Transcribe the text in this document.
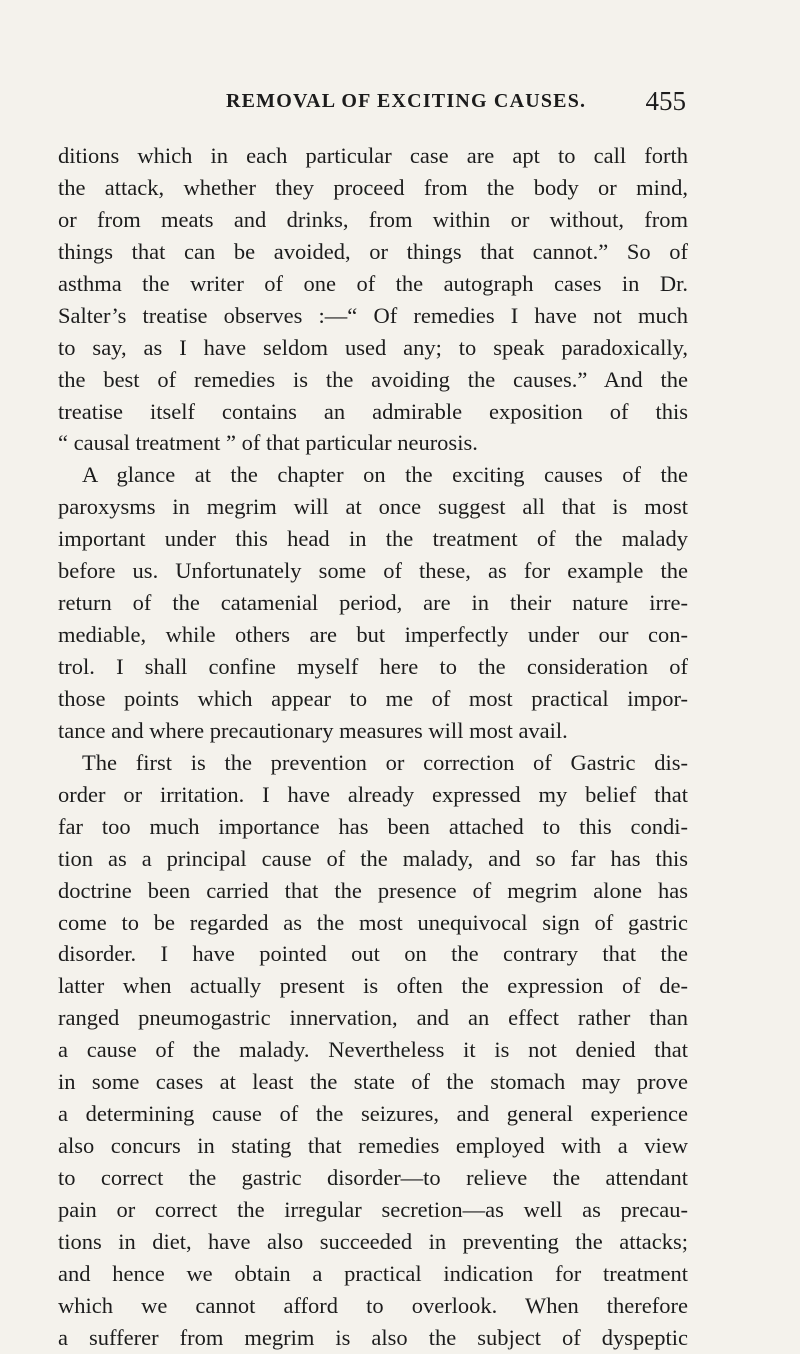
REMOVAL OF EXCITING CAUSES. 455
ditions which in each particular case are apt to call forth
the attack, whether they proceed from the body or mind,
or from meats and drinks, from within or without, from
things that can be avoided, or things that cannot.” So of
asthma the writer of one of the autograph cases in Dr.
Salter’s treatise observes :—“ Of remedies I have not much
to say, as I have seldom used any; to speak paradoxically,
the best of remedies is the avoiding the causes.” And the
treatise itself contains an admirable exposition of this
“ causal treatment ” of that particular neurosis.
A glance at the chapter on the exciting causes of the
paroxysms in megrim will at once suggest all that is most
important under this head in the treatment of the malady
before us. Unfortunately some of these, as for example the
return of the catamenial period, are in their nature irre-
mediable, while others are but imperfectly under our con-
trol. I shall confine myself here to the consideration of
those points which appear to me of most practical impor-
tance and where precautionary measures will most avail.
The first is the prevention or correction of Gastric dis-
order or irritation. I have already expressed my belief that
far too much importance has been attached to this condi-
tion as a principal cause of the malady, and so far has this
doctrine been carried that the presence of megrim alone has
come to be regarded as the most unequivocal sign of gastric
disorder. I have pointed out on the contrary that the
latter when actually present is often the expression of de-
ranged pneumogastric innervation, and an effect rather than
a cause of the malady. Nevertheless it is not denied that
in some cases at least the state of the stomach may prove
a determining cause of the seizures, and general experience
also concurs in stating that remedies employed with a view
to correct the gastric disorder—to relieve the attendant
pain or correct the irregular secretion—as well as precau-
tions in diet, have also succeeded in preventing the attacks;
and hence we obtain a practical indication for treatment
which we cannot afford to overlook. When therefore
a sufferer from megrim is also the subject of dyspeptic
